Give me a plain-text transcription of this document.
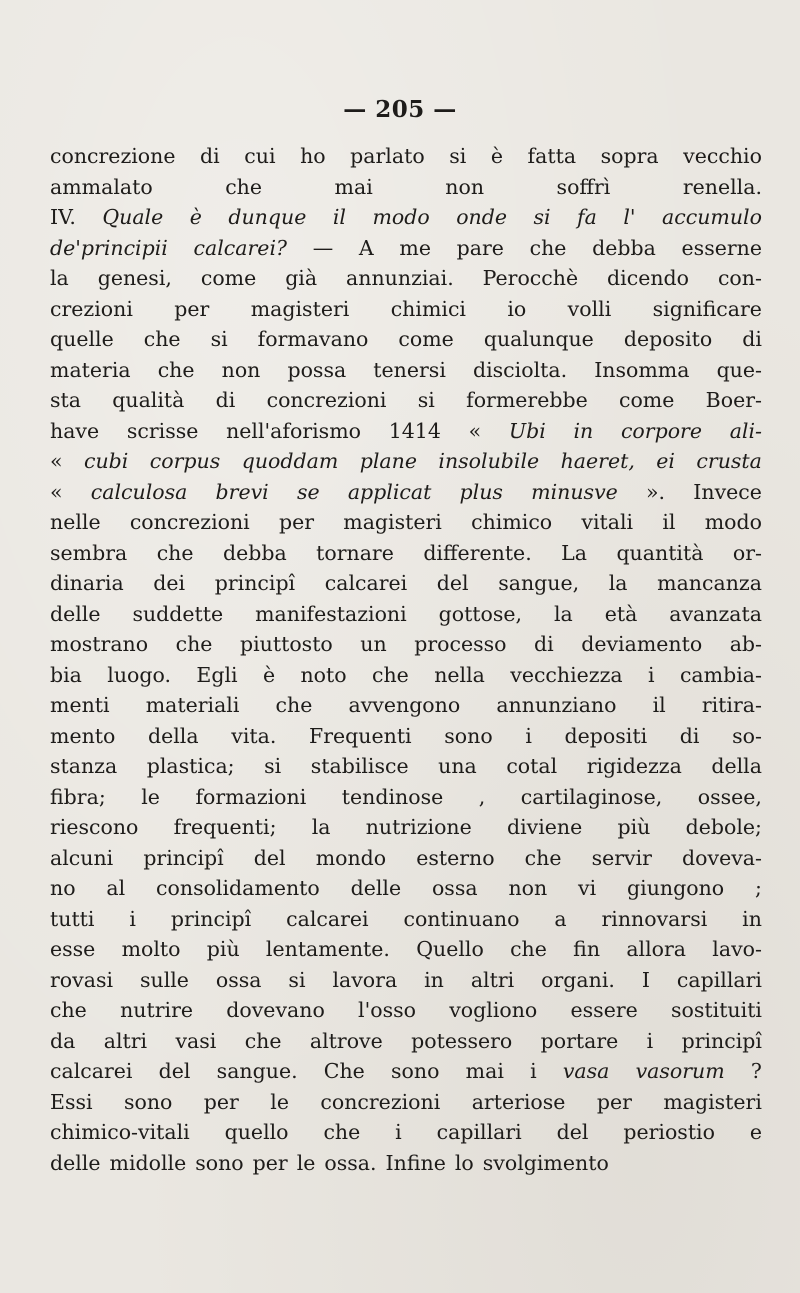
— 205 —
concrezione di cui ho parlato si è fatta sopra vecchio
ammalato	che	mai	non	soffrì	renella.
IV. Quale è dunque il modo onde si fa l' accumulo
de'principii calcarei? — A me pare che debba esserne
la genesi, come già annunziai. Perocchè dicendo con-
crezioni per magisteri chimici io volli significare
quelle che si formavano come qualunque deposito di
materia che non possa tenersi disciolta. Insomma que-
sta qualità di concrezioni si formerebbe come Boer-
have scrisse nell'aforismo 1414 « Ubi in corpore ali-
« cubi corpus quoddam plane insolubile haeret, ei crusta
« calculosa brevi se applicat plus minusve ». Invece
nelle concrezioni per magisteri chimico vitali il modo
sembra che debba tornare differente. La quantità or-
dinaria dei principî calcarei del sangue, la mancanza
delle suddette manifestazioni gottose, la età avanzata
mostrano che piuttosto un processo di deviamento ab-
bia luogo. Egli è noto che nella vecchiezza i cambia-
menti materiali che avvengono annunziano il ritira-
mento della vita. Frequenti sono i depositi di so-
stanza plastica; si stabilisce una cotal rigidezza della
fibra; le formazioni tendinose , cartilaginose, ossee,
riescono frequenti; la nutrizione diviene più debole;
alcuni principî del mondo esterno che servir doveva-
no al consolidamento delle ossa non vi giungono ;
tutti i principî calcarei continuano a rinnovarsi in
esse molto più lentamente. Quello che fin allora lavo-
rovasi sulle ossa si lavora in altri organi. I capillari
che nutrire dovevano l'osso vogliono essere sostituiti
da altri vasi che altrove potessero portare i principî
calcarei del sangue. Che sono mai i vasa vasorum ?
Essi sono per le concrezioni arteriose per magisteri
chimico-vitali quello che i capillari del periostio e
delle midolle sono per le ossa. Infine lo svolgimento
